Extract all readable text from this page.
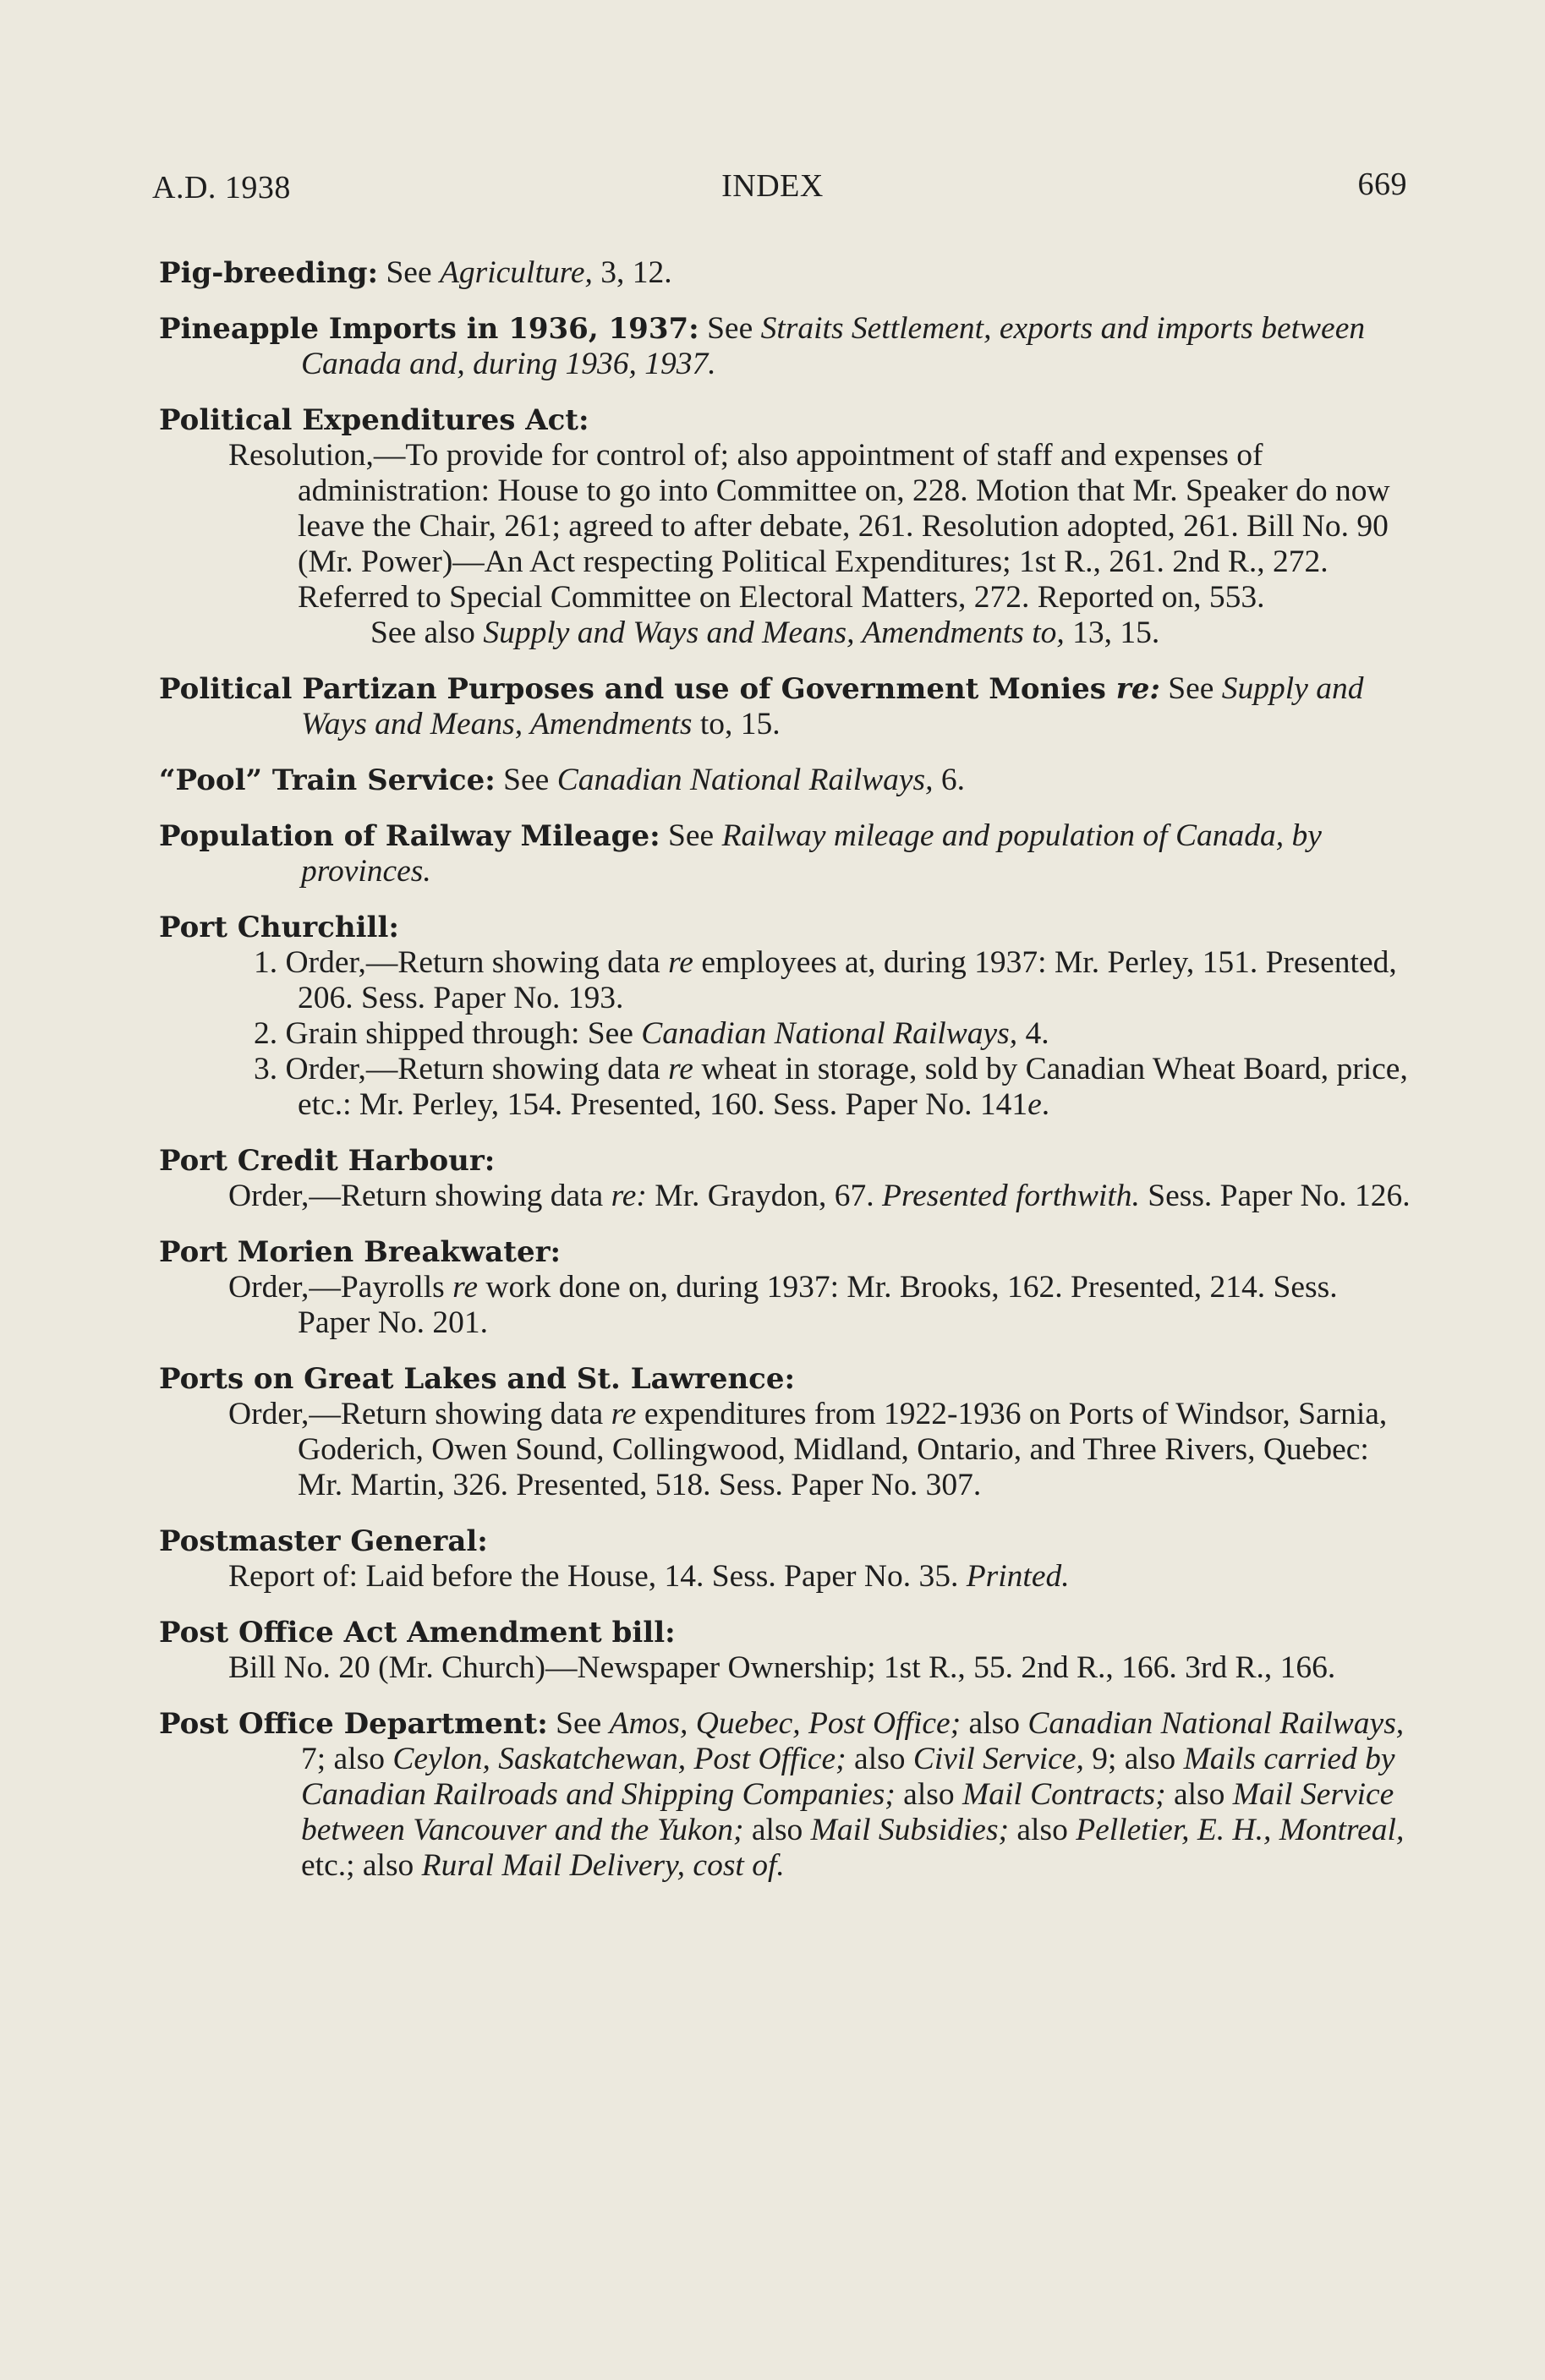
A.D. 1938	INDEX	669
Pig-breeding: See Agriculture, 3, 12.
Pineapple Imports in 1936, 1937: See Straits Settlement, exports and imports between Canada and, during 1936, 1937.
Political Expenditures Act:
Resolution,—To provide for control of; also appointment of staff and expenses of administration: House to go into Committee on, 228. Motion that Mr. Speaker do now leave the Chair, 261; agreed to after debate, 261. Resolution adopted, 261. Bill No. 90 (Mr. Power)—An Act respecting Political Expenditures; 1st R., 261. 2nd R., 272. Referred to Special Committee on Electoral Matters, 272. Reported on, 553.
See also Supply and Ways and Means, Amendments to, 13, 15.
Political Partizan Purposes and use of Government Monies re: See Supply and Ways and Means, Amendments to, 15.
“Pool” Train Service: See Canadian National Railways, 6.
Population of Railway Mileage: See Railway mileage and population of Canada, by provinces.
Port Churchill:
1. Order,—Return showing data re employees at, during 1937: Mr. Perley, 151. Presented, 206. Sess. Paper No. 193.
2. Grain shipped through: See Canadian National Railways, 4.
3. Order,—Return showing data re wheat in storage, sold by Canadian Wheat Board, price, etc.: Mr. Perley, 154. Presented, 160. Sess. Paper No. 141e.
Port Credit Harbour:
Order,—Return showing data re: Mr. Graydon, 67. Presented forthwith. Sess. Paper No. 126.
Port Morien Breakwater:
Order,—Payrolls re work done on, during 1937: Mr. Brooks, 162. Presented, 214. Sess. Paper No. 201.
Ports on Great Lakes and St. Lawrence:
Order,—Return showing data re expenditures from 1922-1936 on Ports of Windsor, Sarnia, Goderich, Owen Sound, Collingwood, Midland, Ontario, and Three Rivers, Quebec: Mr. Martin, 326. Presented, 518. Sess. Paper No. 307.
Postmaster General:
Report of: Laid before the House, 14. Sess. Paper No. 35. Printed.
Post Office Act Amendment bill:
Bill No. 20 (Mr. Church)—Newspaper Ownership; 1st R., 55. 2nd R., 166. 3rd R., 166.
Post Office Department: See Amos, Quebec, Post Office; also Canadian National Railways, 7; also Ceylon, Saskatchewan, Post Office; also Civil Service, 9; also Mails carried by Canadian Railroads and Shipping Companies; also Mail Contracts; also Mail Service between Vancouver and the Yukon; also Mail Subsidies; also Pelletier, E. H., Montreal, etc.; also Rural Mail Delivery, cost of.
